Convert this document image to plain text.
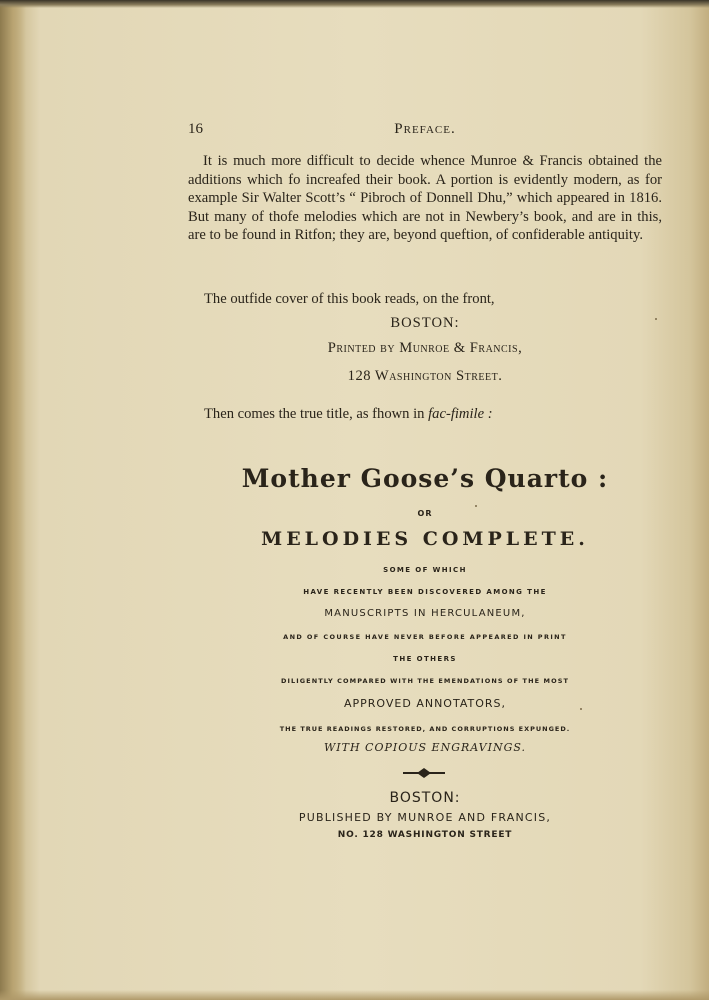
16	Preface.

It is much more difficult to decide whence Munroe & Francis obtained the additions which fo increafed their book. A portion is evidently modern, as for example Sir Walter Scott’s “ Pibroch of Donnell Dhu,” which appeared in 1816. But many of thofe melodies which are not in Newbery’s book, and are in this, are to be found in Ritfon; they are, beyond queftion, of confiderable antiquity.

The outfide cover of this book reads, on the front,

BOSTON:
Printed by Munroe & Francis,
128 Washington Street.

Then comes the true title, as fhown in fac-fimile :

Mother Goose’s Quarto :
OR
MELODIES COMPLETE.
SOME OF WHICH
HAVE RECENTLY BEEN DISCOVERED AMONG THE
MANUSCRIPTS IN HERCULANEUM,
AND OF COURSE HAVE NEVER BEFORE APPEARED IN PRINT
THE OTHERS
DILIGENTLY COMPARED WITH THE EMENDATIONS OF THE MOST
APPROVED ANNOTATORS,
THE TRUE READINGS RESTORED, AND CORRUPTIONS EXPUNGED.
WITH COPIOUS ENGRAVINGS.
BOSTON:
PUBLISHED BY MUNROE AND FRANCIS,
NO. 128 WASHINGTON STREET
